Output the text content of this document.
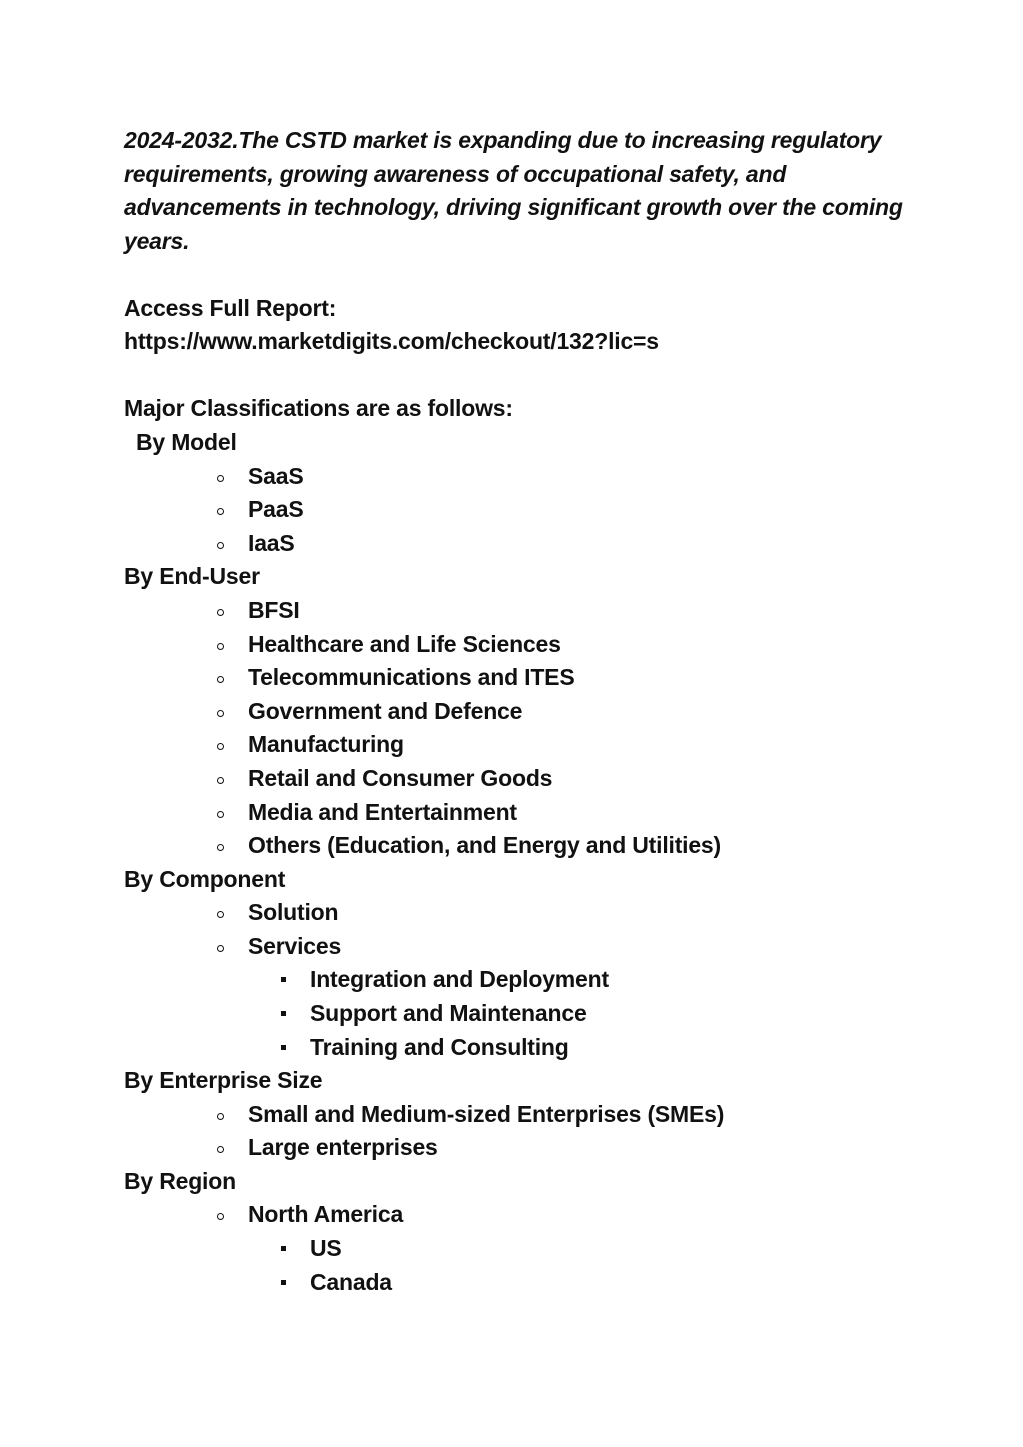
2024-2032.The CSTD market is expanding due to increasing regulatory requirements, growing awareness of occupational safety, and advancements in technology, driving significant growth over the coming years.

Access Full Report:
https://www.marketdigits.com/checkout/132?lic=s
Major Classifications are as follows:
By Model
SaaS
PaaS
IaaS
By End-User
BFSI
Healthcare and Life Sciences
Telecommunications and ITES
Government and Defence
Manufacturing
Retail and Consumer Goods
Media and Entertainment
Others (Education, and Energy and Utilities)
By Component
Solution
Services
Integration and Deployment
Support and Maintenance
Training and Consulting
By Enterprise Size
Small and Medium-sized Enterprises (SMEs)
Large enterprises
By Region
North America
US
Canada
